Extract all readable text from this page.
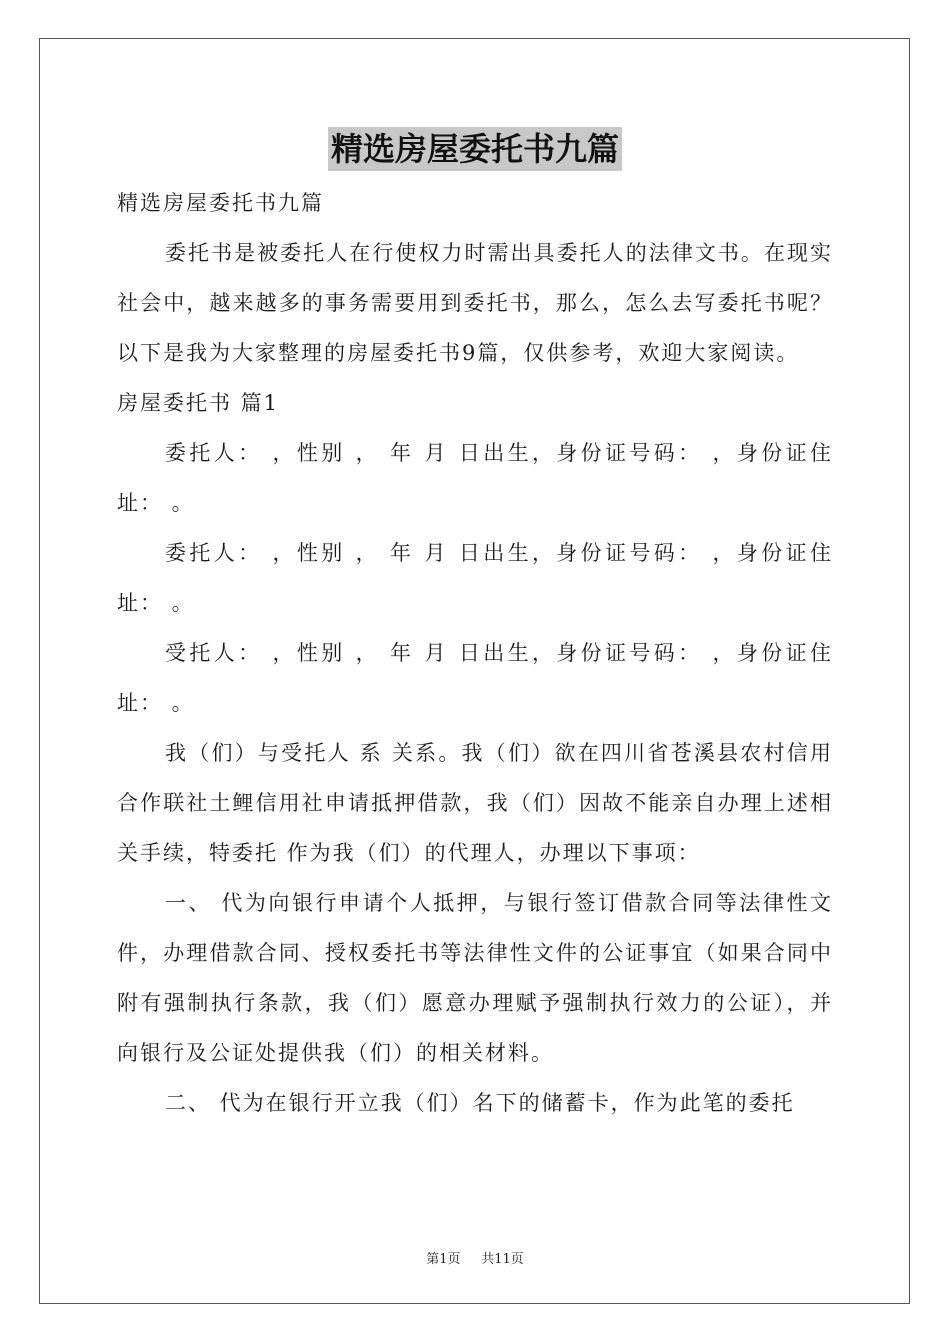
精选房屋委托书九篇

精选房屋委托书九篇

委托书是被委托人在行使权力时需出具委托人的法律文书。在现实社会中，越来越多的事务需要用到委托书，那么，怎么去写委托书呢？以下是我为大家整理的房屋委托书9篇，仅供参考，欢迎大家阅读。

房屋委托书 篇1

委托人： ，性别 ， 年 月 日出生，身份证号码： ，身份证住址： 。

委托人： ，性别 ， 年 月 日出生，身份证号码： ，身份证住址： 。

受托人： ，性别 ， 年 月 日出生，身份证号码： ，身份证住址： 。

我（们）与受托人 系 关系。我（们）欲在四川省苍溪县农村信用合作联社土鲤信用社申请抵押借款，我（们）因故不能亲自办理上述相关手续，特委托 作为我（们）的代理人，办理以下事项：

一、 代为向银行申请个人抵押，与银行签订借款合同等法律性文件，办理借款合同、授权委托书等法律性文件的公证事宜（如果合同中附有强制执行条款，我（们）愿意办理赋予强制执行效力的公证），并向银行及公证处提供我（们）的相关材料。

二、 代为在银行开立我（们）名下的储蓄卡，作为此笔的委托

第1页 共11页
